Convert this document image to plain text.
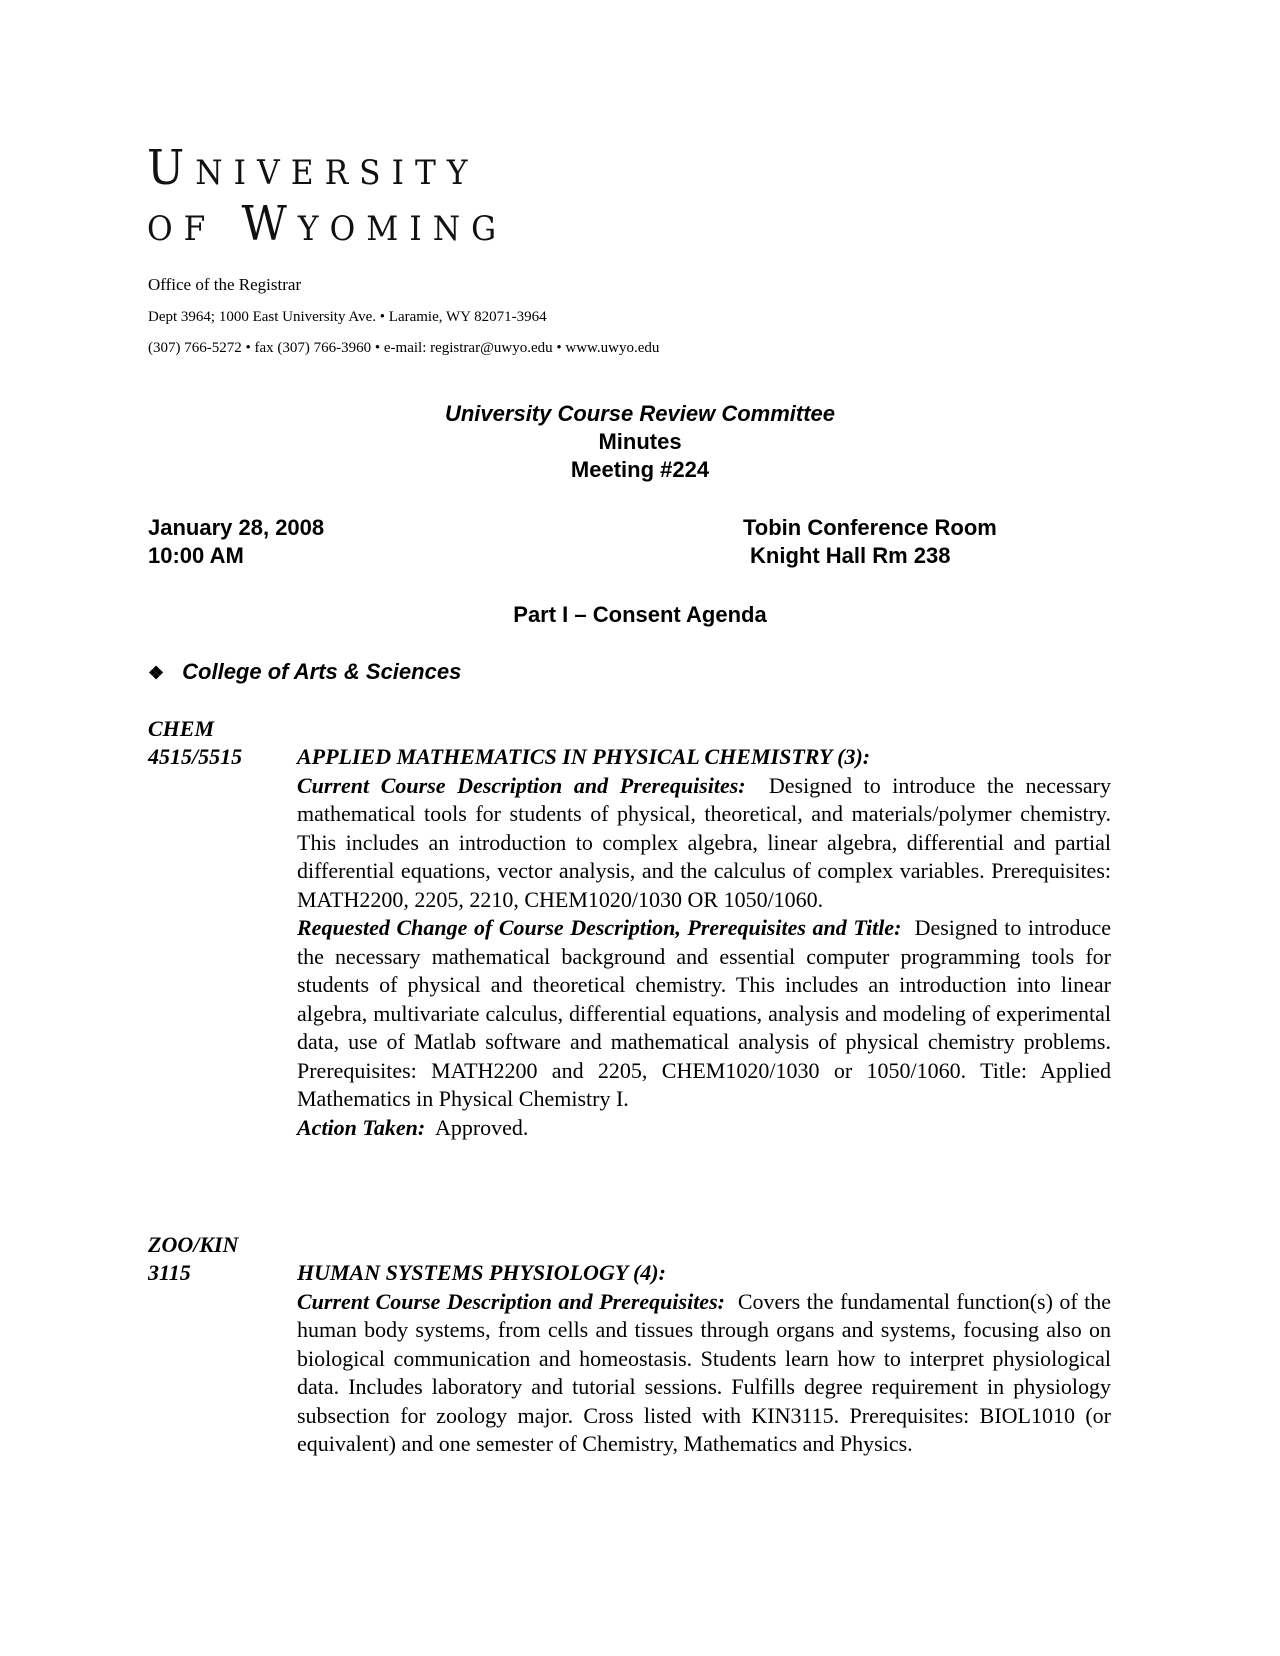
University
of Wyoming
Office of the Registrar
Dept 3964; 1000 East University Ave. • Laramie, WY 82071-3964
(307) 766-5272 • fax (307) 766-3960 • e-mail: registrar@uwyo.edu • www.uwyo.edu
University Course Review Committee
Minutes
Meeting #224
January 28, 2008
10:00 AM
Tobin Conference Room
Knight Hall Rm 238
Part I – Consent Agenda
❖ College of Arts & Sciences
CHEM
4515/5515 APPLIED MATHEMATICS IN PHYSICAL CHEMISTRY (3):

Current Course Description and Prerequisites: Designed to introduce the necessary mathematical tools for students of physical, theoretical, and materials/polymer chemistry. This includes an introduction to complex algebra, linear algebra, differential and partial differential equations, vector analysis, and the calculus of complex variables. Prerequisites: MATH2200, 2205, 2210, CHEM1020/1030 OR 1050/1060.

Requested Change of Course Description, Prerequisites and Title: Designed to introduce the necessary mathematical background and essential computer programming tools for students of physical and theoretical chemistry. This includes an introduction into linear algebra, multivariate calculus, differential equations, analysis and modeling of experimental data, use of Matlab software and mathematical analysis of physical chemistry problems. Prerequisites: MATH2200 and 2205, CHEM1020/1030 or 1050/1060. Title: Applied Mathematics in Physical Chemistry I.

Action Taken: Approved.

ZOO/KIN
3115	HUMAN SYSTEMS PHYSIOLOGY (4):

Current Course Description and Prerequisites: Covers the fundamental function(s) of the human body systems, from cells and tissues through organs and systems, focusing also on biological communication and homeostasis. Students learn how to interpret physiological data. Includes laboratory and tutorial sessions. Fulfills degree requirement in physiology subsection for zoology major. Cross listed with KIN3115. Prerequisites: BIOL1010 (or equivalent) and one semester of Chemistry, Mathematics and Physics.
